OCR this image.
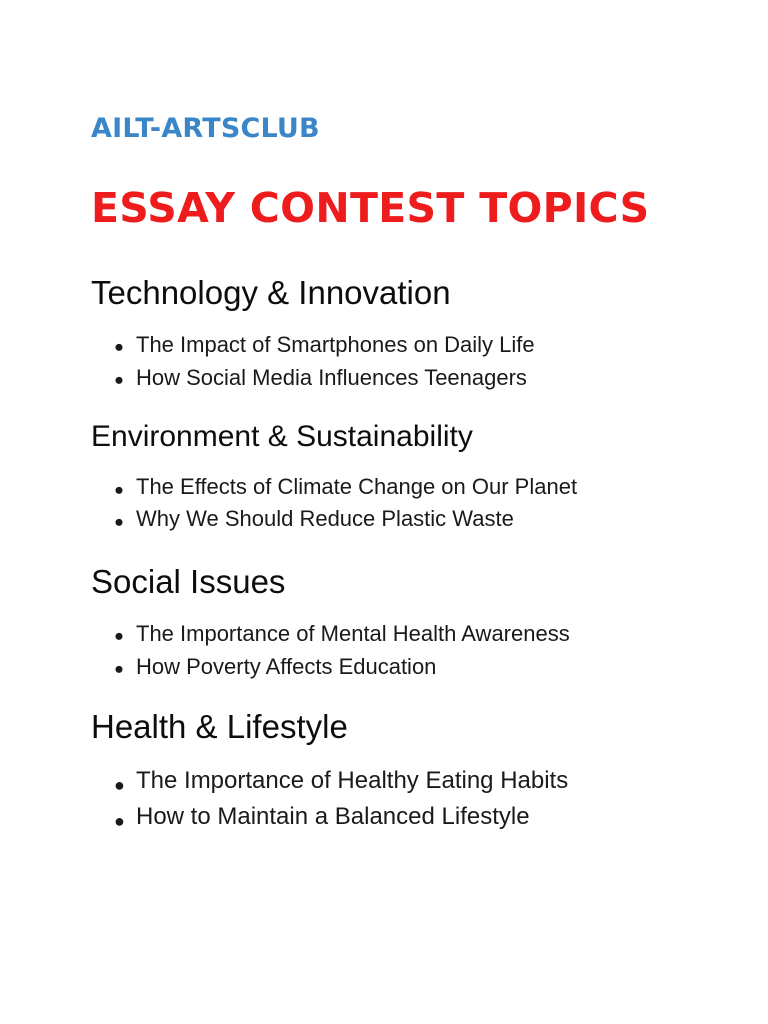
AILT-ARTSCLUB
ESSAY CONTEST TOPICS
Technology & Innovation
● The Impact of Smartphones on Daily Life
● How Social Media Influences Teenagers
Environment & Sustainability
● The Effects of Climate Change on Our Planet
● Why We Should Reduce Plastic Waste
Social Issues
● The Importance of Mental Health Awareness
● How Poverty Affects Education
Health & Lifestyle
● The Importance of Healthy Eating Habits
● How to Maintain a Balanced Lifestyle
